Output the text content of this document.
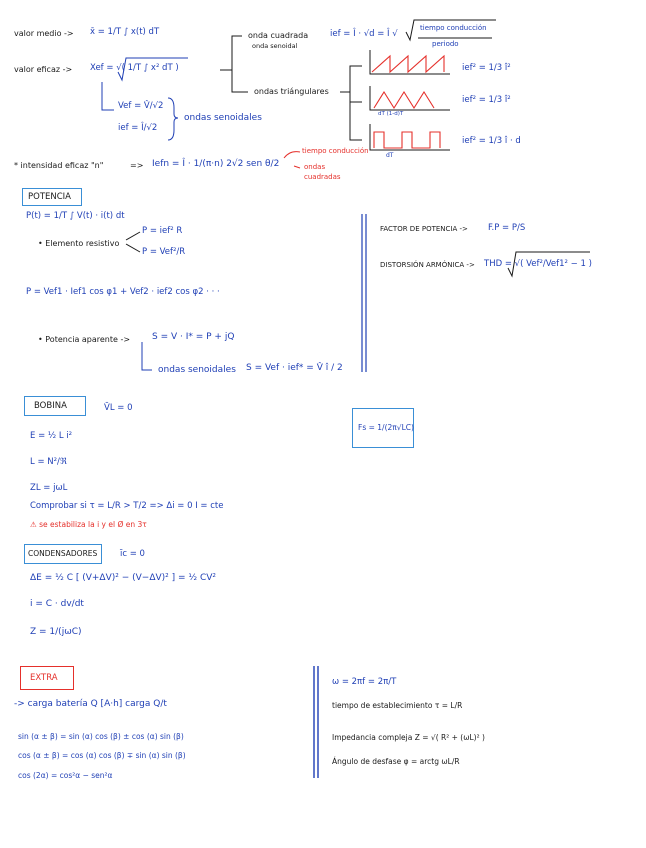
valor medio -> x̄ = 1/T ∫ x(t) dT
valor eficaz -> Xef = √( 1/T ∫ x² dT )
Vef = V̂/√2
ief = Î/√2
ondas senoidales
onda cuadrada
onda senoidal
ief = Î · √d = Î √
tiempo conducción
periodo
ondas triángulares
ief² = 1/3 î²
ief² = 1/3 î²
ief² = 1/3 î · d
dT (1-d)T
dT
* intensidad eficaz "n"	=> Iefn = Î · 1/(π·n) 2√2 sen θ/2
tiempo conducción
ondas
cuadradas
POTENCIA
P(t) = 1/T ∫ V(t) · i(t) dt
• Elemento resistivo
P = ief² R
P = Vef²/R
P = Vef1 · Ief1 cos φ1 + Vef2 · ief2 cos φ2 · · ·
• Potencia aparente -> S = V · I* = P + jQ
ondas senoidales S = Vef · ief* = V̂ î / 2
FACTOR DE POTENCIA -> F.P = P/S
DISTORSIÓN ARMÓNICA -> THD = √( Vef²/Vef1² − 1 )
BOBINA	V̄L = 0
E = ½ L i²
L = N²/ℜ
ZL = jωL
Comprobar si τ = L/R > T/2 => Δi = 0 I = cte
⚠ se estabiliza la i y el Ø en 3τ
Fs = 1/(2π√LC)
CONDENSADORES	īc = 0
ΔE = ½ C [ (V+ΔV)² − (V−ΔV)² ] = ½ CV²
i = C · dv/dt
Z = 1/(jωC)
EXTRA
-> carga batería Q [A·h] carga Q/t
sin (α ± β) = sin (α) cos (β) ± cos (α) sin (β)
cos (α ± β) = cos (α) cos (β) ∓ sin (α) sin (β)
cos (2α) = cos²α − sen²α
ω = 2πf = 2π/T
tiempo de establecimiento τ = L/R
Impedancia compleja Z = √( R² + (ωL)² )
Ángulo de desfase φ = arctg ωL/R
